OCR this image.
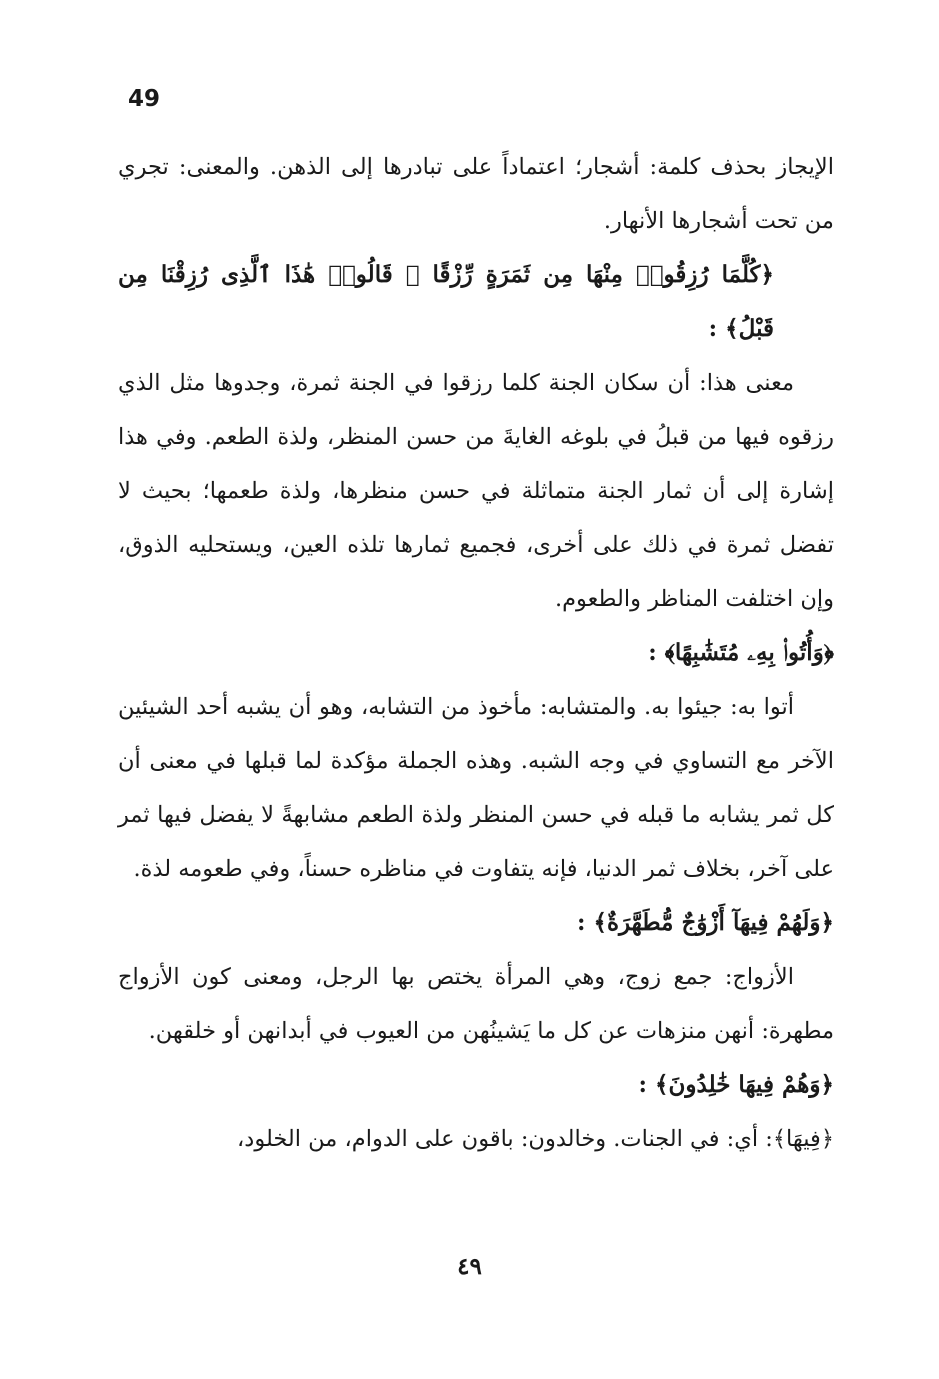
49

الإيجاز بحذف كلمة: أشجار؛ اعتماداً على تبادرها إلى الذهن. والمعنى: تجري من تحت أشجارها الأنهار.

﴿كُلَّمَا رُزِقُوا۟ مِنْهَا مِن ثَمَرَةٍ رِّزْقًا ۙ قَالُوا۟ هَٰذَا ٱلَّذِى رُزِقْنَا مِن قَبْلُ﴾ :

معنى هذا: أن سكان الجنة كلما رزقوا في الجنة ثمرة، وجدوها مثل الذي رزقوه فيها من قبلُ في بلوغه الغايةَ من حسن المنظر، ولذة الطعم. وفي هذا إشارة إلى أن ثمار الجنة متماثلة في حسن منظرها، ولذة طعمها؛ بحيث لا تفضل ثمرة في ذلك على أخرى، فجميع ثمارها تلذه العين، ويستحليه الذوق، وإن اختلفت المناظر والطعوم.

﴿وَأُتُوا۟ بِهِۦ مُتَشَٰبِهًا﴾ :

أتوا به: جيئوا به. والمتشابه: مأخوذ من التشابه، وهو أن يشبه أحد الشيئين الآخر مع التساوي في وجه الشبه. وهذه الجملة مؤكدة لما قبلها في معنى أن كل ثمر يشابه ما قبله في حسن المنظر ولذة الطعم مشابهةً لا يفضل فيها ثمر على آخر، بخلاف ثمر الدنيا، فإنه يتفاوت في مناظره حسناً، وفي طعومه لذة.

﴿وَلَهُمْ فِيهَآ أَزْوَٰجٌ مُّطَهَّرَةٌ﴾ :

الأزواج: جمع زوج، وهي المرأة يختص بها الرجل، ومعنى كون الأزواج مطهرة: أنهن منزهات عن كل ما يَشينُهن من العيوب في أبدانهن أو خلقهن.

﴿وَهُمْ فِيهَا خَٰلِدُونَ﴾ :

﴿فِيهَا﴾: أي: في الجنات. وخالدون: باقون على الدوام، من الخلود،

٤٩
